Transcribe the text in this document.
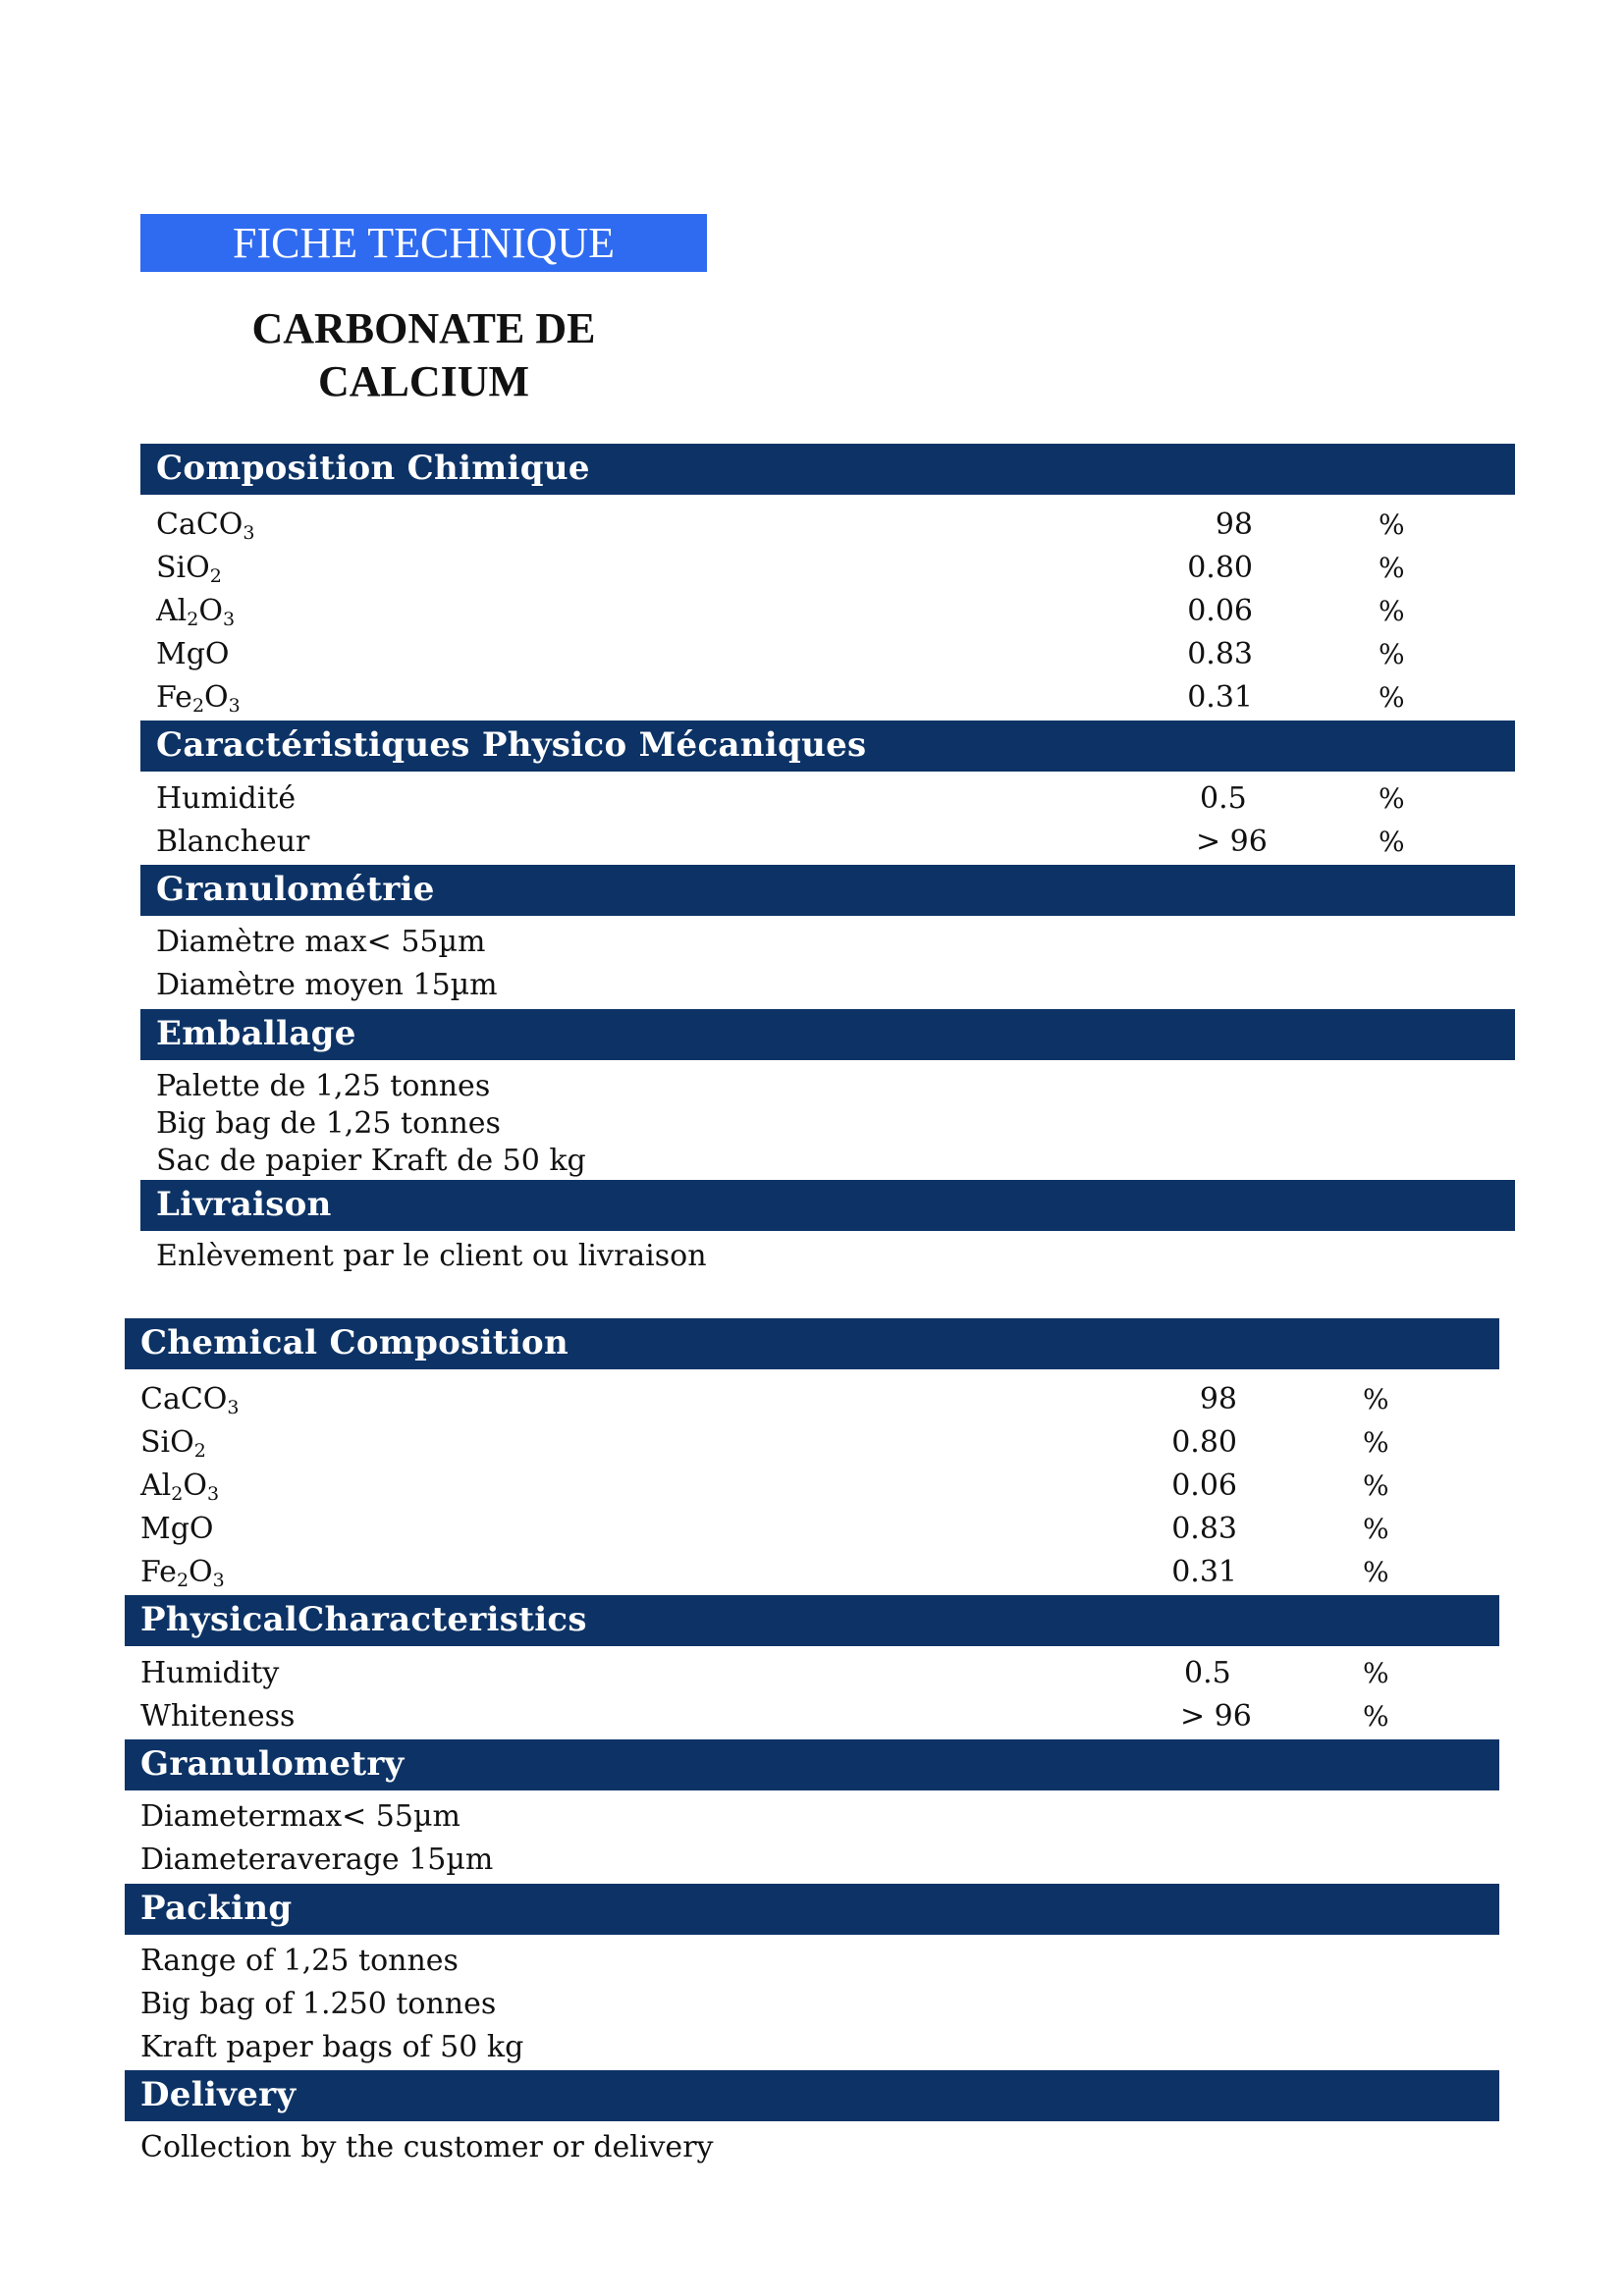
FICHE TECHNIQUE
CARBONATE DE
CALCIUM
Composition Chimique
CaCO$_3$	98	%
SiO$_2$	0.80	%
$Al_2O_3$	0.06	%
MgO	0.83	%
$Fe_2O_3$	0.31	%
Caractéristiques Physico Mécaniques
Humidité	0.5	%
Blancheur	> 96	%
Granulométrie
Diamètre max< 55µm
Diamètre moyen 15µm
Emballage
Palette de 1,25 tonnes
Big bag de 1,25 tonnes
Sac de papier Kraft de 50 kg
Livraison
Enlèvement par le client ou livraison
Chemical Composition
CaCO$_3$	98	%
SiO$_2$	0.80	%
$Al_2O_3$	0.06	%
MgO	0.83	%
$Fe_2O_3$	0.31	%
PhysicalCharacteristics
Humidity	0.5	%
Whiteness	> 96	%
Granulometry
Diametermax< 55µm
Diameteraverage 15µm
Packing
Range of 1,25 tonnes
Big bag of 1.250 tonnes
Kraft paper bags of 50 kg
Delivery
Collection by the customer or delivery
